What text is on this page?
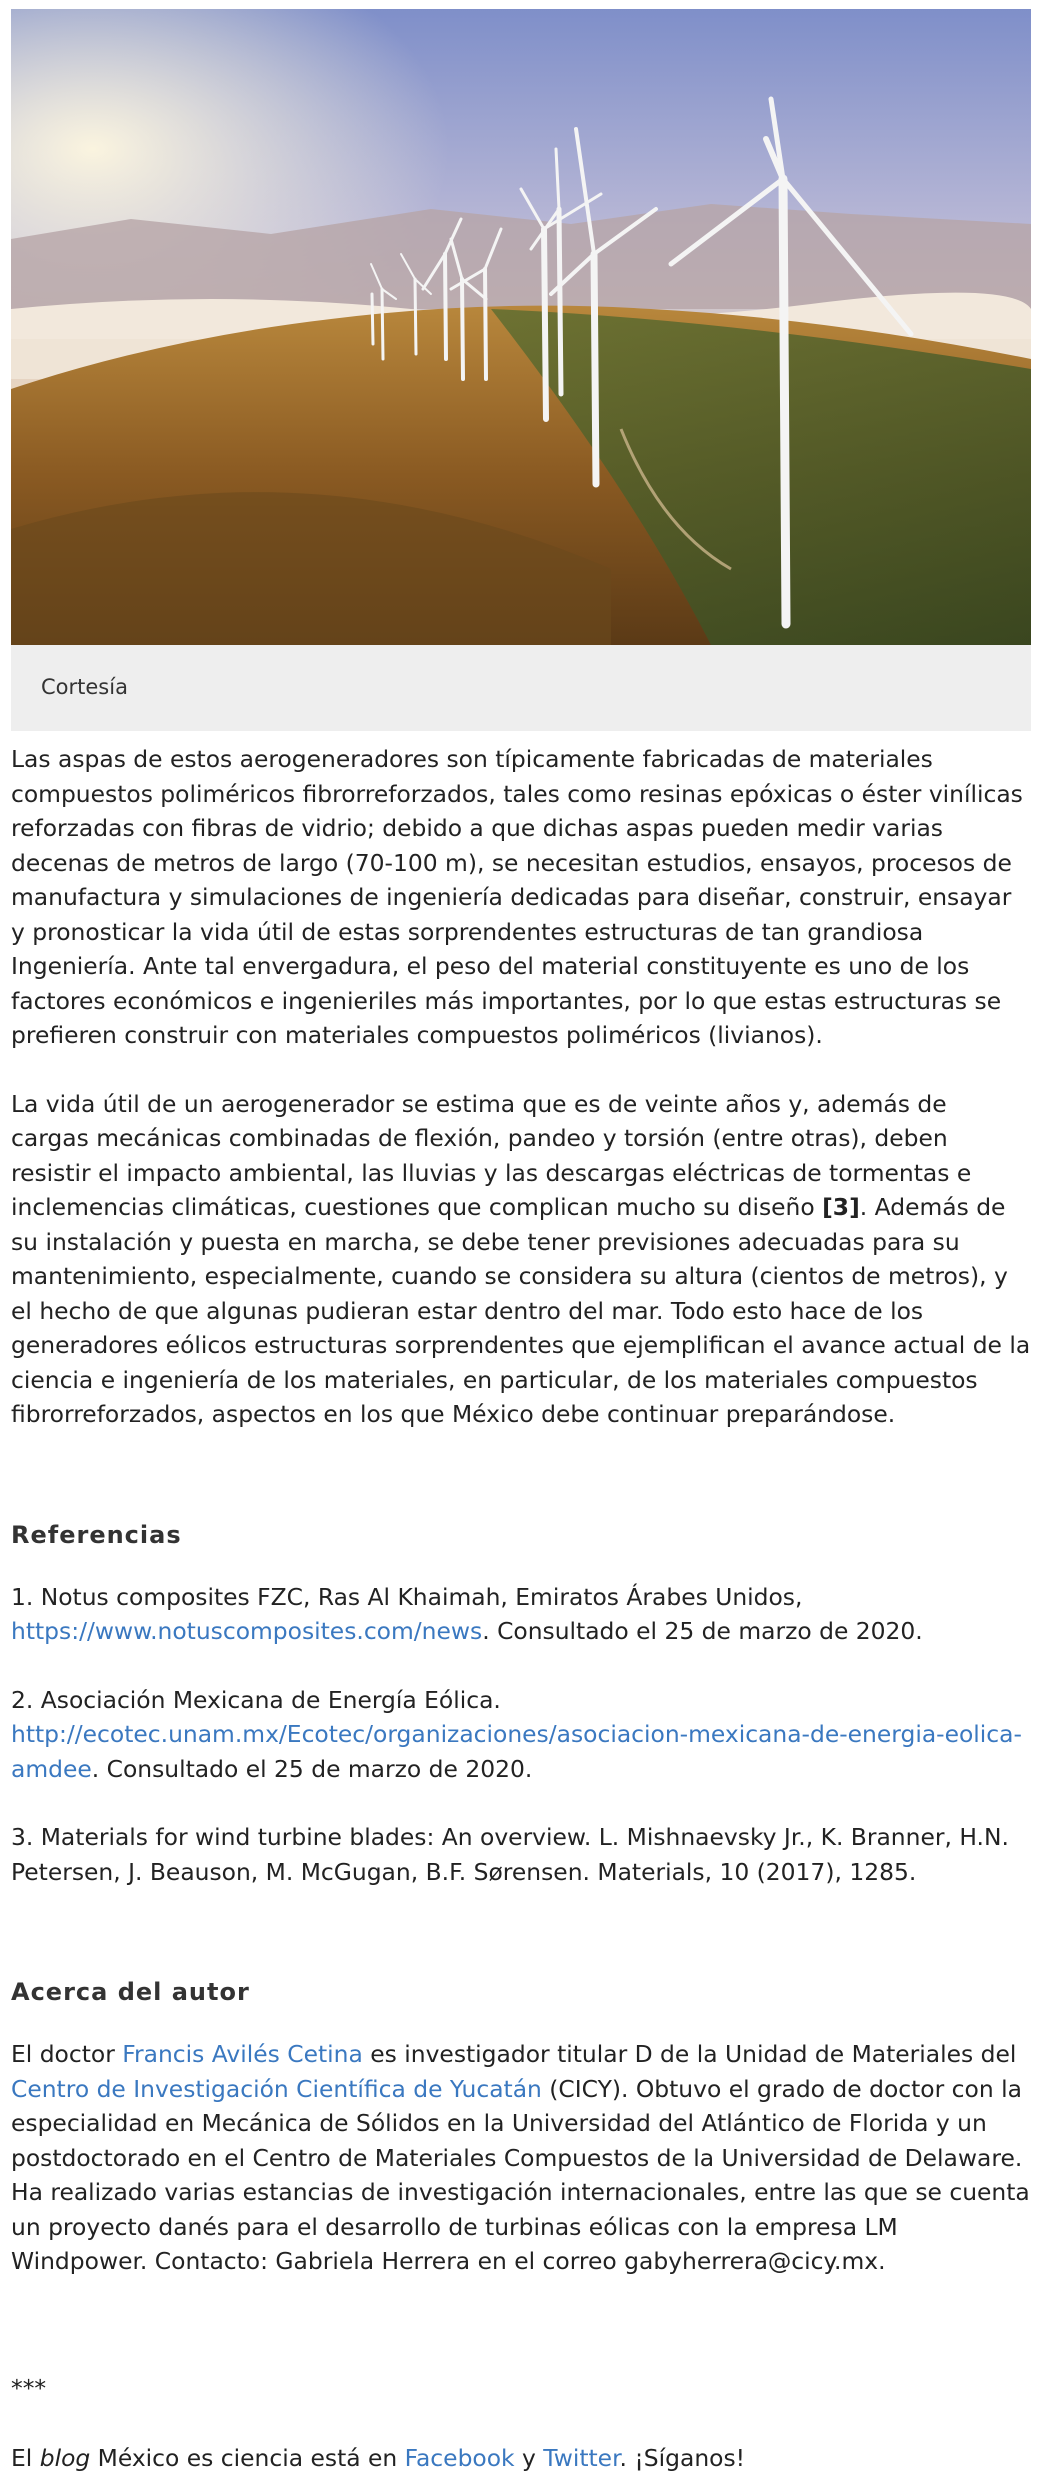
Cortesía

Las aspas de estos aerogeneradores son típicamente fabricadas de materiales compuestos poliméricos fibrorreforzados, tales como resinas epóxicas o éster vinílicas reforzadas con fibras de vidrio; debido a que dichas aspas pueden medir varias decenas de metros de largo (70-100 m), se necesitan estudios, ensayos, procesos de manufactura y simulaciones de ingeniería dedicadas para diseñar, construir, ensayar y pronosticar la vida útil de estas sorprendentes estructuras de tan grandiosa Ingeniería. Ante tal envergadura, el peso del material constituyente es uno de los factores económicos e ingenieriles más importantes, por lo que estas estructuras se prefieren construir con materiales compuestos poliméricos (livianos).

La vida útil de un aerogenerador se estima que es de veinte años y, además de cargas mecánicas combinadas de flexión, pandeo y torsión (entre otras), deben resistir el impacto ambiental, las lluvias y las descargas eléctricas de tormentas e inclemencias climáticas, cuestiones que complican mucho su diseño [3]. Además de su instalación y puesta en marcha, se debe tener previsiones adecuadas para su mantenimiento, especialmente, cuando se considera su altura (cientos de metros), y el hecho de que algunas pudieran estar dentro del mar. Todo esto hace de los generadores eólicos estructuras sorprendentes que ejemplifican el avance actual de la ciencia e ingeniería de los materiales, en particular, de los materiales compuestos fibrorreforzados, aspectos en los que México debe continuar preparándose.

Referencias

1. Notus composites FZC, Ras Al Khaimah, Emiratos Árabes Unidos,
https://www.notuscomposites.com/news. Consultado el 25 de marzo de 2020.

2. Asociación Mexicana de Energía Eólica.
http://ecotec.unam.mx/Ecotec/organizaciones/asociacion-mexicana-de-energia-eolica-amdee. Consultado el 25 de marzo de 2020.

3. Materials for wind turbine blades: An overview. L. Mishnaevsky Jr., K. Branner, H.N. Petersen, J. Beauson, M. McGugan, B.F. Sørensen. Materials, 10 (2017), 1285.

Acerca del autor

El doctor Francis Avilés Cetina es investigador titular D de la Unidad de Materiales del Centro de Investigación Científica de Yucatán (CICY). Obtuvo el grado de doctor con la especialidad en Mecánica de Sólidos en la Universidad del Atlántico de Florida y un postdoctorado en el Centro de Materiales Compuestos de la Universidad de Delaware. Ha realizado varias estancias de investigación internacionales, entre las que se cuenta un proyecto danés para el desarrollo de turbinas eólicas con la empresa LM Windpower. Contacto: Gabriela Herrera en el correo gabyherrera@cicy.mx.

***

El blog México es ciencia está en Facebook y Twitter. ¡Síganos!
